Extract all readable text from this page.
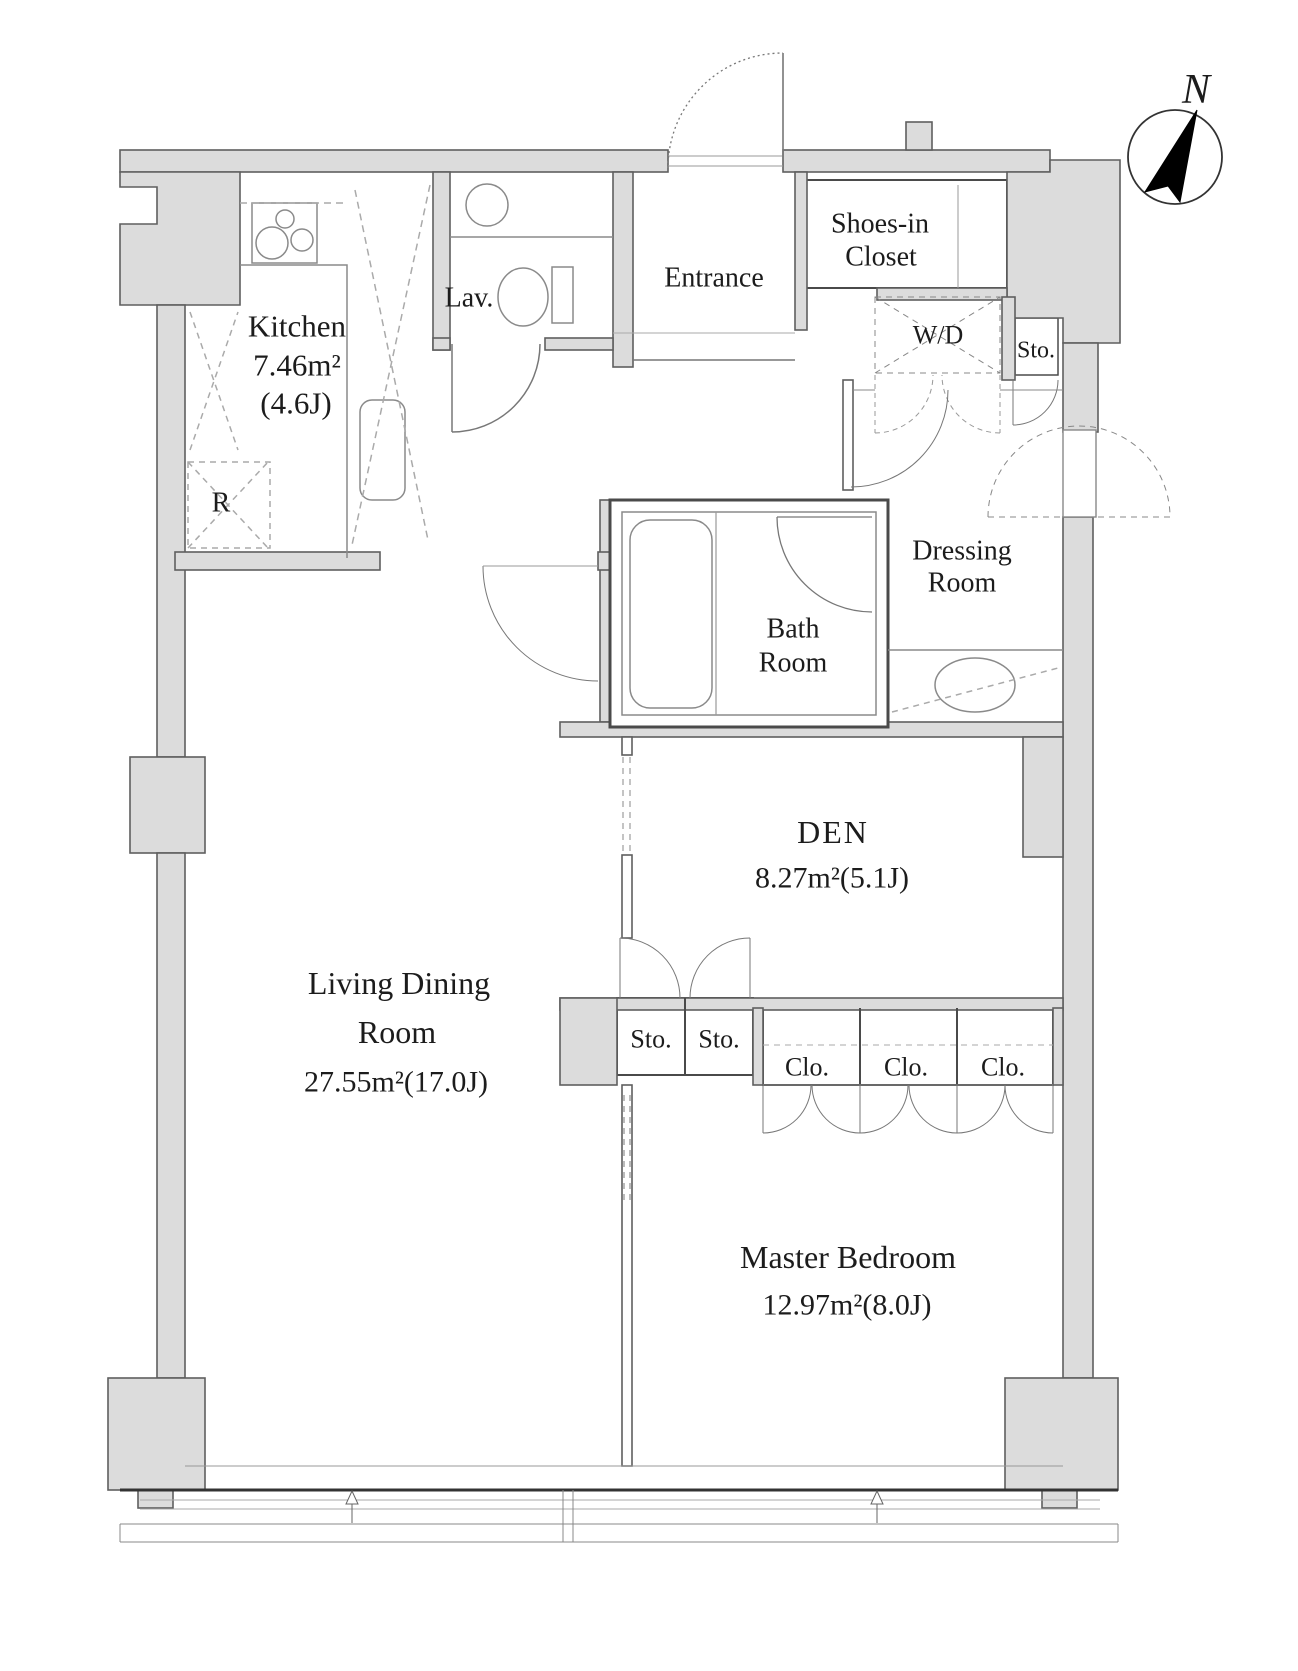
Kitchen
7.46m²
(4.6J)
Lav.
Entrance
Shoes-in
Closet
W/D
Sto.
R
Dressing
Room
Bath
Room
DEN
8.27m²(5.1J)
Living Dining
Room
27.55m²(17.0J)
Sto. Sto.
Clo. Clo. Clo.
Master Bedroom
12.97m²(8.0J)
N
